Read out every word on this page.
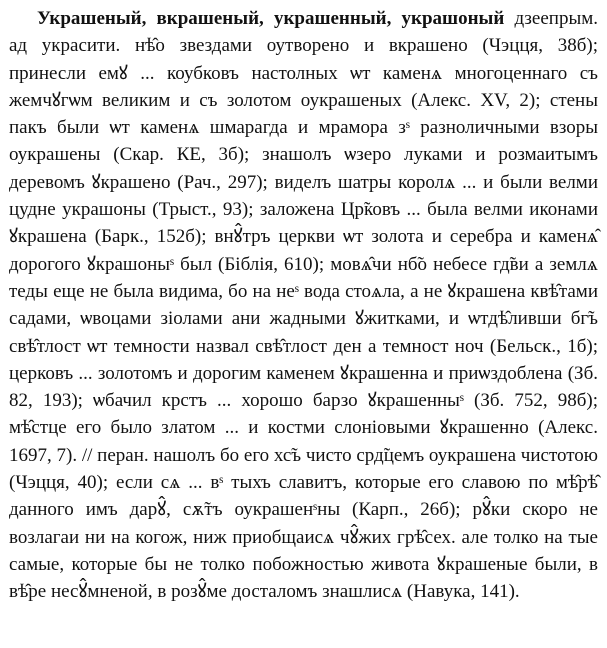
Украшеный, вкрашеный, украшенный, украшоный дзеепрым. ад украсити. нѣ̂о звездами оутворено и вкрашено (Чэцця, 38б); принесли емꙋ ... коубковъ настолных ѡт каменѧ многоценнаго съ жемчꙋгѡм великим и съ золотом оукрашеных (Алекс. XV, 2); стены пакъ были ѡт каменѧ шмарагда и мрамора зˢ разноличными взоры оукрашены (Скар. КЕ, 3б); знашолъ ѡзеро луками и розмаитымъ деревомъ ꙋкрашено (Рач., 297); виделъ шатры королѧ ... и были велми цудне украшоны (Трыст., 93); заложена Цр̃ковъ ... была велми иконами ꙋкрашена (Барк., 152б); внꙋ̂тръ церкви ѡт золота и серебра и каменѧ̂ дорогого ꙋкрашоныˢ был (Біблія, 610); мовѧ̂чи нб̃о небесе гд̃ви а землѧ теды еще не была видима, бо на неˢ вода стоѧла, а не ꙋкрашена квѣ̂тами садами, ѡвоцами зіолами ани жадными ꙋжитками, и ѡтдѣ̂ливши бг̃ъ свѣ̂тлост ѡт темности назвал свѣ̂тлост ден а темност ноч (Бельск., 1б); церковъ ... золотомъ и дорогим каменем ꙋкрашенна и приѡздоблена (Зб. 82, 193); ѡбачил крстъ ... хорошо барзо ꙋкрашенныˢ (Зб. 752, 98б); мѣ̂стце его было златом ... и костми слоніовыми ꙋкрашенно (Алекс. 1697, 7). // перан. нашолъ бо его хс̃ъ чисто срд̃цемъ оукрашена чистотою (Чэцця, 40); если сѧ ... вˢ тыхъ славитъ, которые его славою по мѣ̂рѣ̂ данного имъ дарꙋ̂, сѫ̃тъ оукрашенˢны (Карп., 26б); рꙋ̂ки скоро не возлагаи ни на когож, ниж приобщаисѧ чꙋ̂жих грѣ̂сех. але толко на тые самые, которые бы не толко побожностью живота ꙋкрашеные были, в вѣ̂ре несꙋ̂мненой, в розꙋ̂ме досталомъ знашлисѧ (Навука, 141).
